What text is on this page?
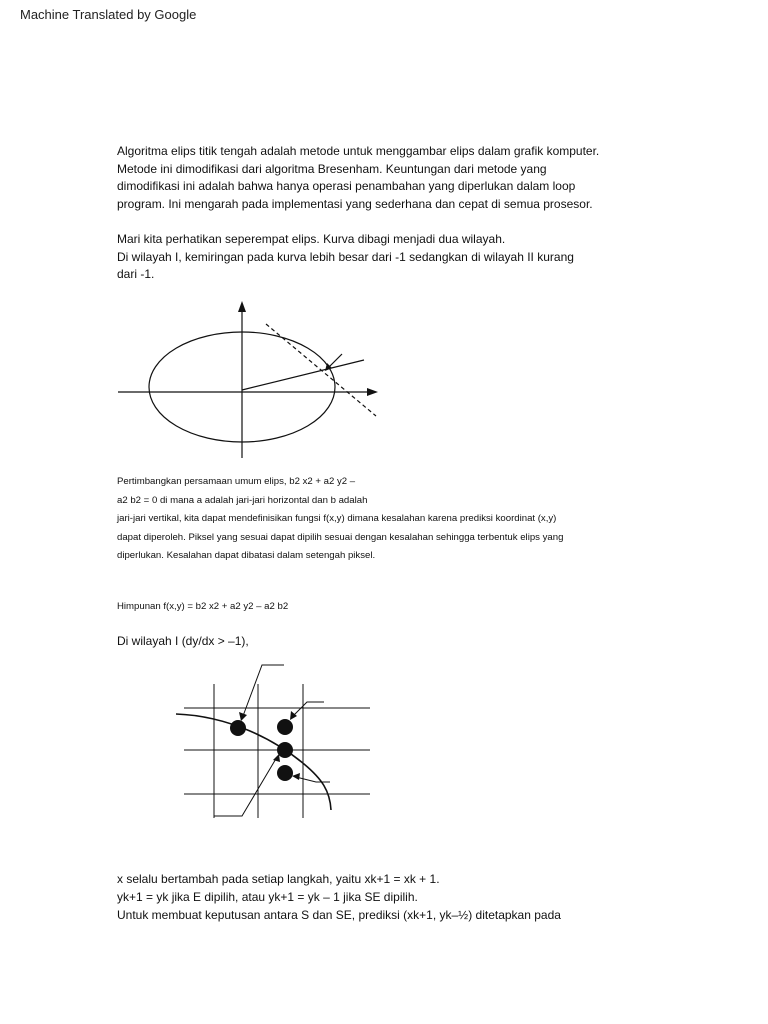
Machine Translated by Google
Algoritma elips titik tengah adalah metode untuk menggambar elips dalam grafik komputer.
Metode ini dimodifikasi dari algoritma Bresenham. Keuntungan dari metode yang
dimodifikasi ini adalah bahwa hanya operasi penambahan yang diperlukan dalam loop
program. Ini mengarah pada implementasi yang sederhana dan cepat di semua prosesor.
Mari kita perhatikan seperempat elips. Kurva dibagi menjadi dua wilayah.
Di wilayah I, kemiringan pada kurva lebih besar dari -1 sedangkan di wilayah II kurang
dari -1.
Pertimbangkan persamaan umum elips, b2 x2 + a2 y2 –
a2 b2 = 0 di mana a adalah jari-jari horizontal dan b adalah
jari-jari vertikal, kita dapat mendefinisikan fungsi f(x,y) dimana kesalahan karena prediksi koordinat (x,y)
dapat diperoleh. Piksel yang sesuai dapat dipilih sesuai dengan kesalahan sehingga terbentuk elips yang
diperlukan. Kesalahan dapat dibatasi dalam setengah piksel.
Himpunan f(x,y) = b2 x2 + a2 y2 – a2 b2
Di wilayah I (dy/dx > –1),
x selalu bertambah pada setiap langkah, yaitu xk+1 = xk + 1.
yk+1 = yk jika E dipilih, atau yk+1 = yk – 1 jika SE dipilih.
Untuk membuat keputusan antara S dan SE, prediksi (xk+1, yk–½) ditetapkan pada
